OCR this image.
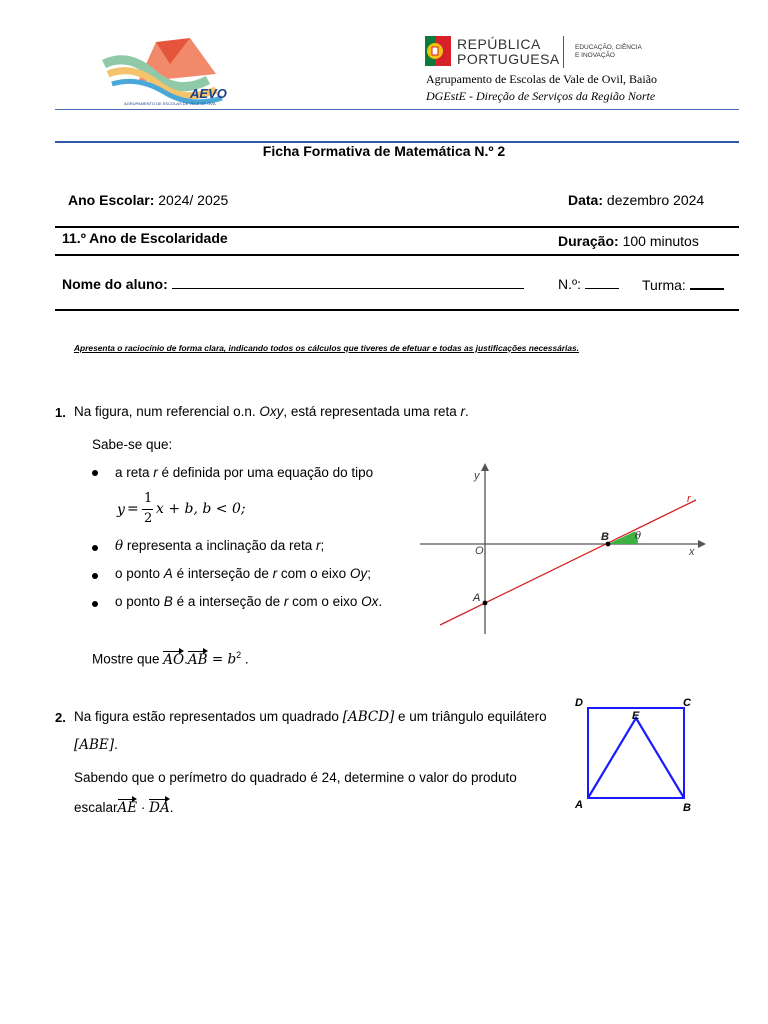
AEVO
AGRUPAMENTO DE ESCOLAS DE VALE DE OVIL
REPÚBLICA
PORTUGUESA
EDUCAÇÃO, CIÊNCIA E INOVAÇÃO
Agrupamento de Escolas de Vale de Ovil, Baião
DGEstE - Direção de Serviços da Região Norte
Ficha Formativa de Matemática N.º 2
Ano Escolar: 2024/ 2025	Data: dezembro 2024
11.º Ano de Escolaridade	Duração: 100 minutos
Nome do aluno:	N.º:	Turma:
Apresenta o raciocínio de forma clara, indicando todos os cálculos que tiveres de efetuar e todas as justificações necessárias.
1. Na figura, num referencial o.n. Oxy, está representada uma reta r.
Sabe-se que:
a reta r é definida por uma equação do tipo
y =
1
2
x + b, b < 0;
θ representa a inclinação da reta r;
o ponto A é interseção de r com o eixo Oy;
o ponto B é a interseção de r com o eixo Ox.
Mostre que $AO.AB = b^2$ .
y
x
O
A
B
r
θ
2. Na figura estão representados um quadrado [ABCD] e um triângulo equilátero
[ABE].
Sabendo que o perímetro do quadrado é 24, determine o valor do produto
escalarAE · DA.
D	C
E
A	B
